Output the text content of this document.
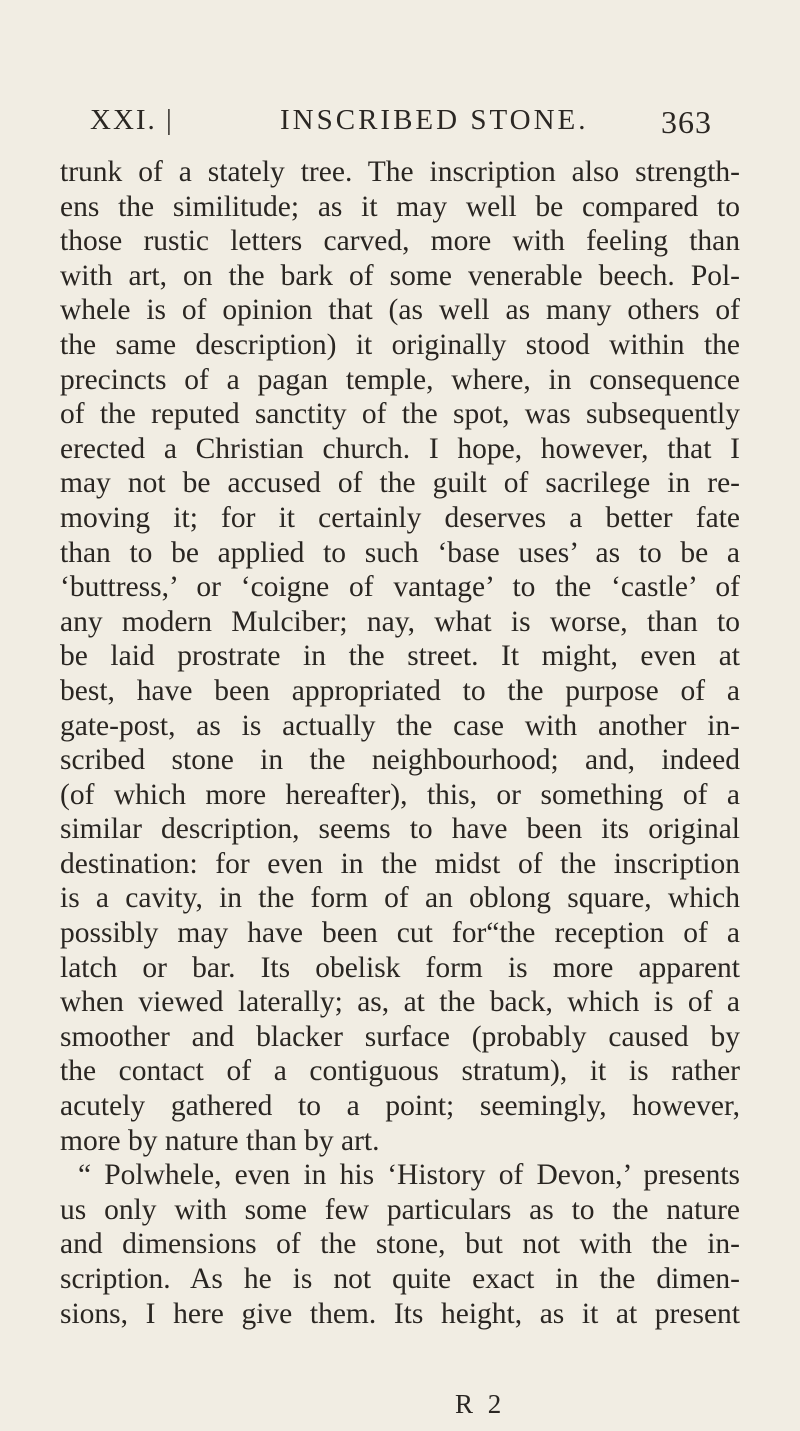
XXI. |	INSCRIBED STONE. 363
trunk of a stately tree. The inscription also strength-
ens the similitude; as it may well be compared to
those rustic letters carved, more with feeling than
with art, on the bark of some venerable beech. Pol-
whele is of opinion that (as well as many others of
the same description) it originally stood within the
precincts of a pagan temple, where, in consequence
of the reputed sanctity of the spot, was subsequently
erected a Christian church. I hope, however, that I
may not be accused of the guilt of sacrilege in re-
moving it; for it certainly deserves a better fate
than to be applied to such ‘base uses’ as to be a
‘buttress,’ or ‘coigne of vantage’ to the ‘castle’ of
any modern Mulciber; nay, what is worse, than to
be laid prostrate in the street. It might, even at
best, have been appropriated to the purpose of a
gate-post, as is actually the case with another in-
scribed stone in the neighbourhood; and, indeed
(of which more hereafter), this, or something of a
similar description, seems to have been its original
destination: for even in the midst of the inscription
is a cavity, in the form of an oblong square, which
possibly may have been cut for“the reception of a
latch or bar. Its obelisk form is more apparent
when viewed laterally; as, at the back, which is of a
smoother and blacker surface (probably caused by
the contact of a contiguous stratum), it is rather
acutely gathered to a point; seemingly, however,
more by nature than by art.
“ Polwhele, even in his ‘History of Devon,’ presents
us only with some few particulars as to the nature
and dimensions of the stone, but not with the in-
scription. As he is not quite exact in the dimen-
sions, I here give them. Its height, as it at present
R 2
